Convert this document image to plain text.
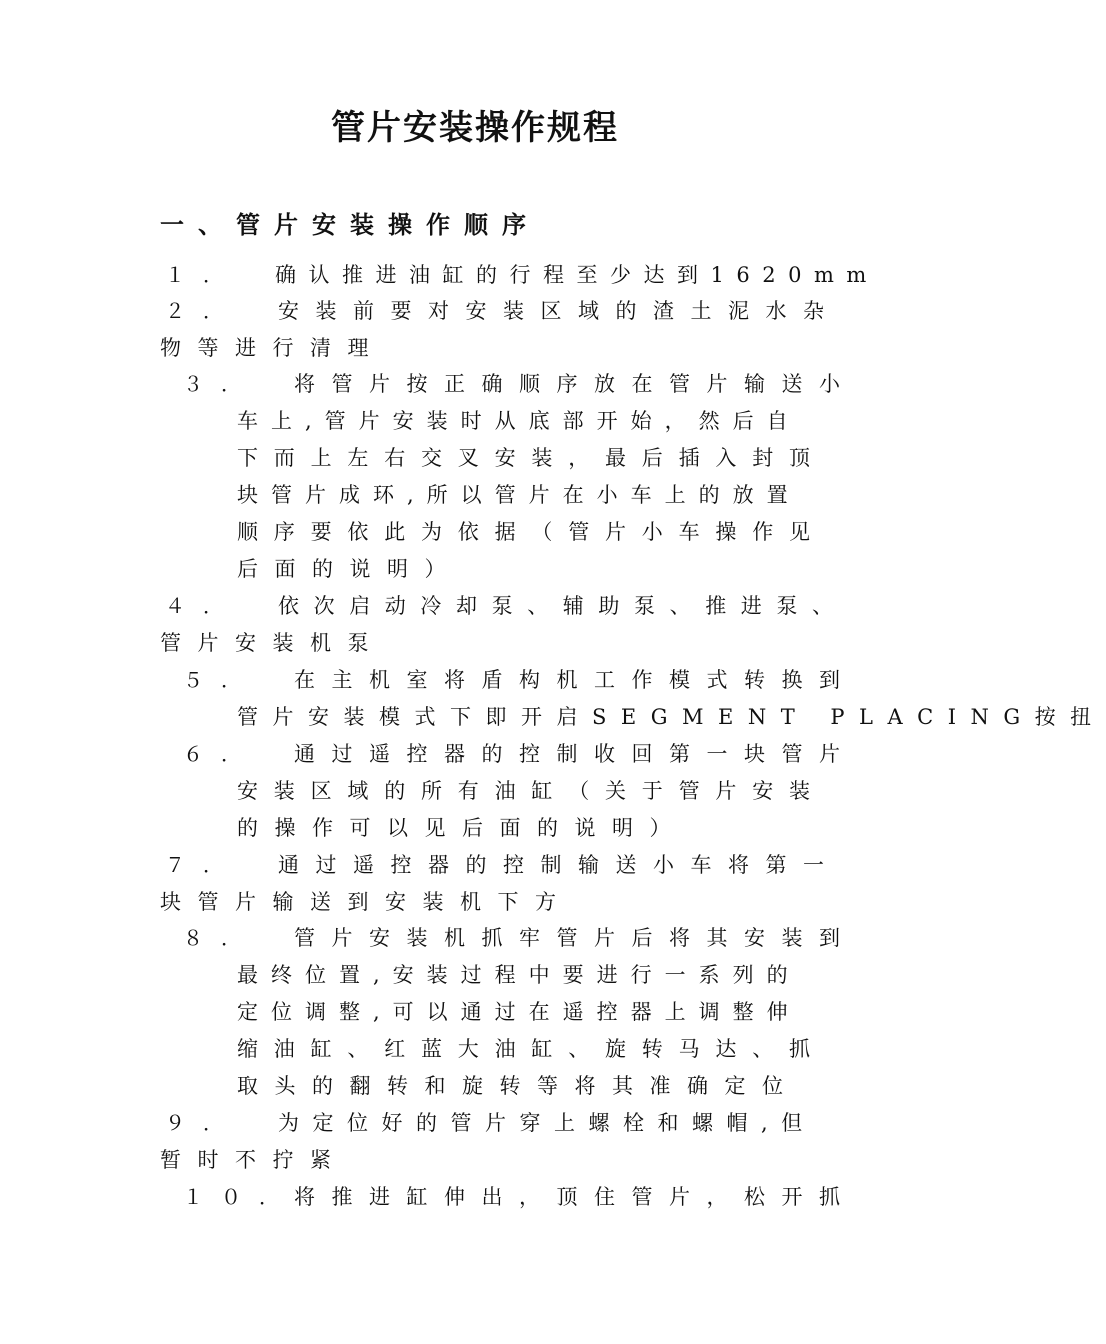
管片安装操作规程
一、管片安装操作顺序
１． 确认推进油缸的行程至少达到1620mm
２． 安装前要对安装区域的渣土泥水杂
物等进行清理
３． 将管片按正确顺序放在管片输送小
车上,管片安装时从底部开始，然后自
下而上左右交叉安装，最后插入封顶
块管片成环,所以管片在小车上的放置
顺序要依此为依据（管片小车操作见
后面的说明）
４． 依次启动冷却泵、辅助泵、推进泵、
管片安装机泵
５． 在主机室将盾构机工作模式转换到
管片安装模式下即开启SEGMENT PLACING按扭
６． 通过遥控器的控制收回第一块管片
安装区域的所有油缸（关于管片安装
的操作可以见后面的说明）
７． 通过遥控器的控制输送小车将第一
块管片输送到安装机下方
８． 管片安装机抓牢管片后将其安装到
最终位置,安装过程中要进行一系列的
定位调整,可以通过在遥控器上调整伸
缩油缸、红蓝大油缸、旋转马达、抓
取头的翻转和旋转等将其准确定位
９． 为定位好的管片穿上螺栓和螺帽,但
暂时不拧紧
１０．
将推进缸伸出，顶住管片，松开抓
